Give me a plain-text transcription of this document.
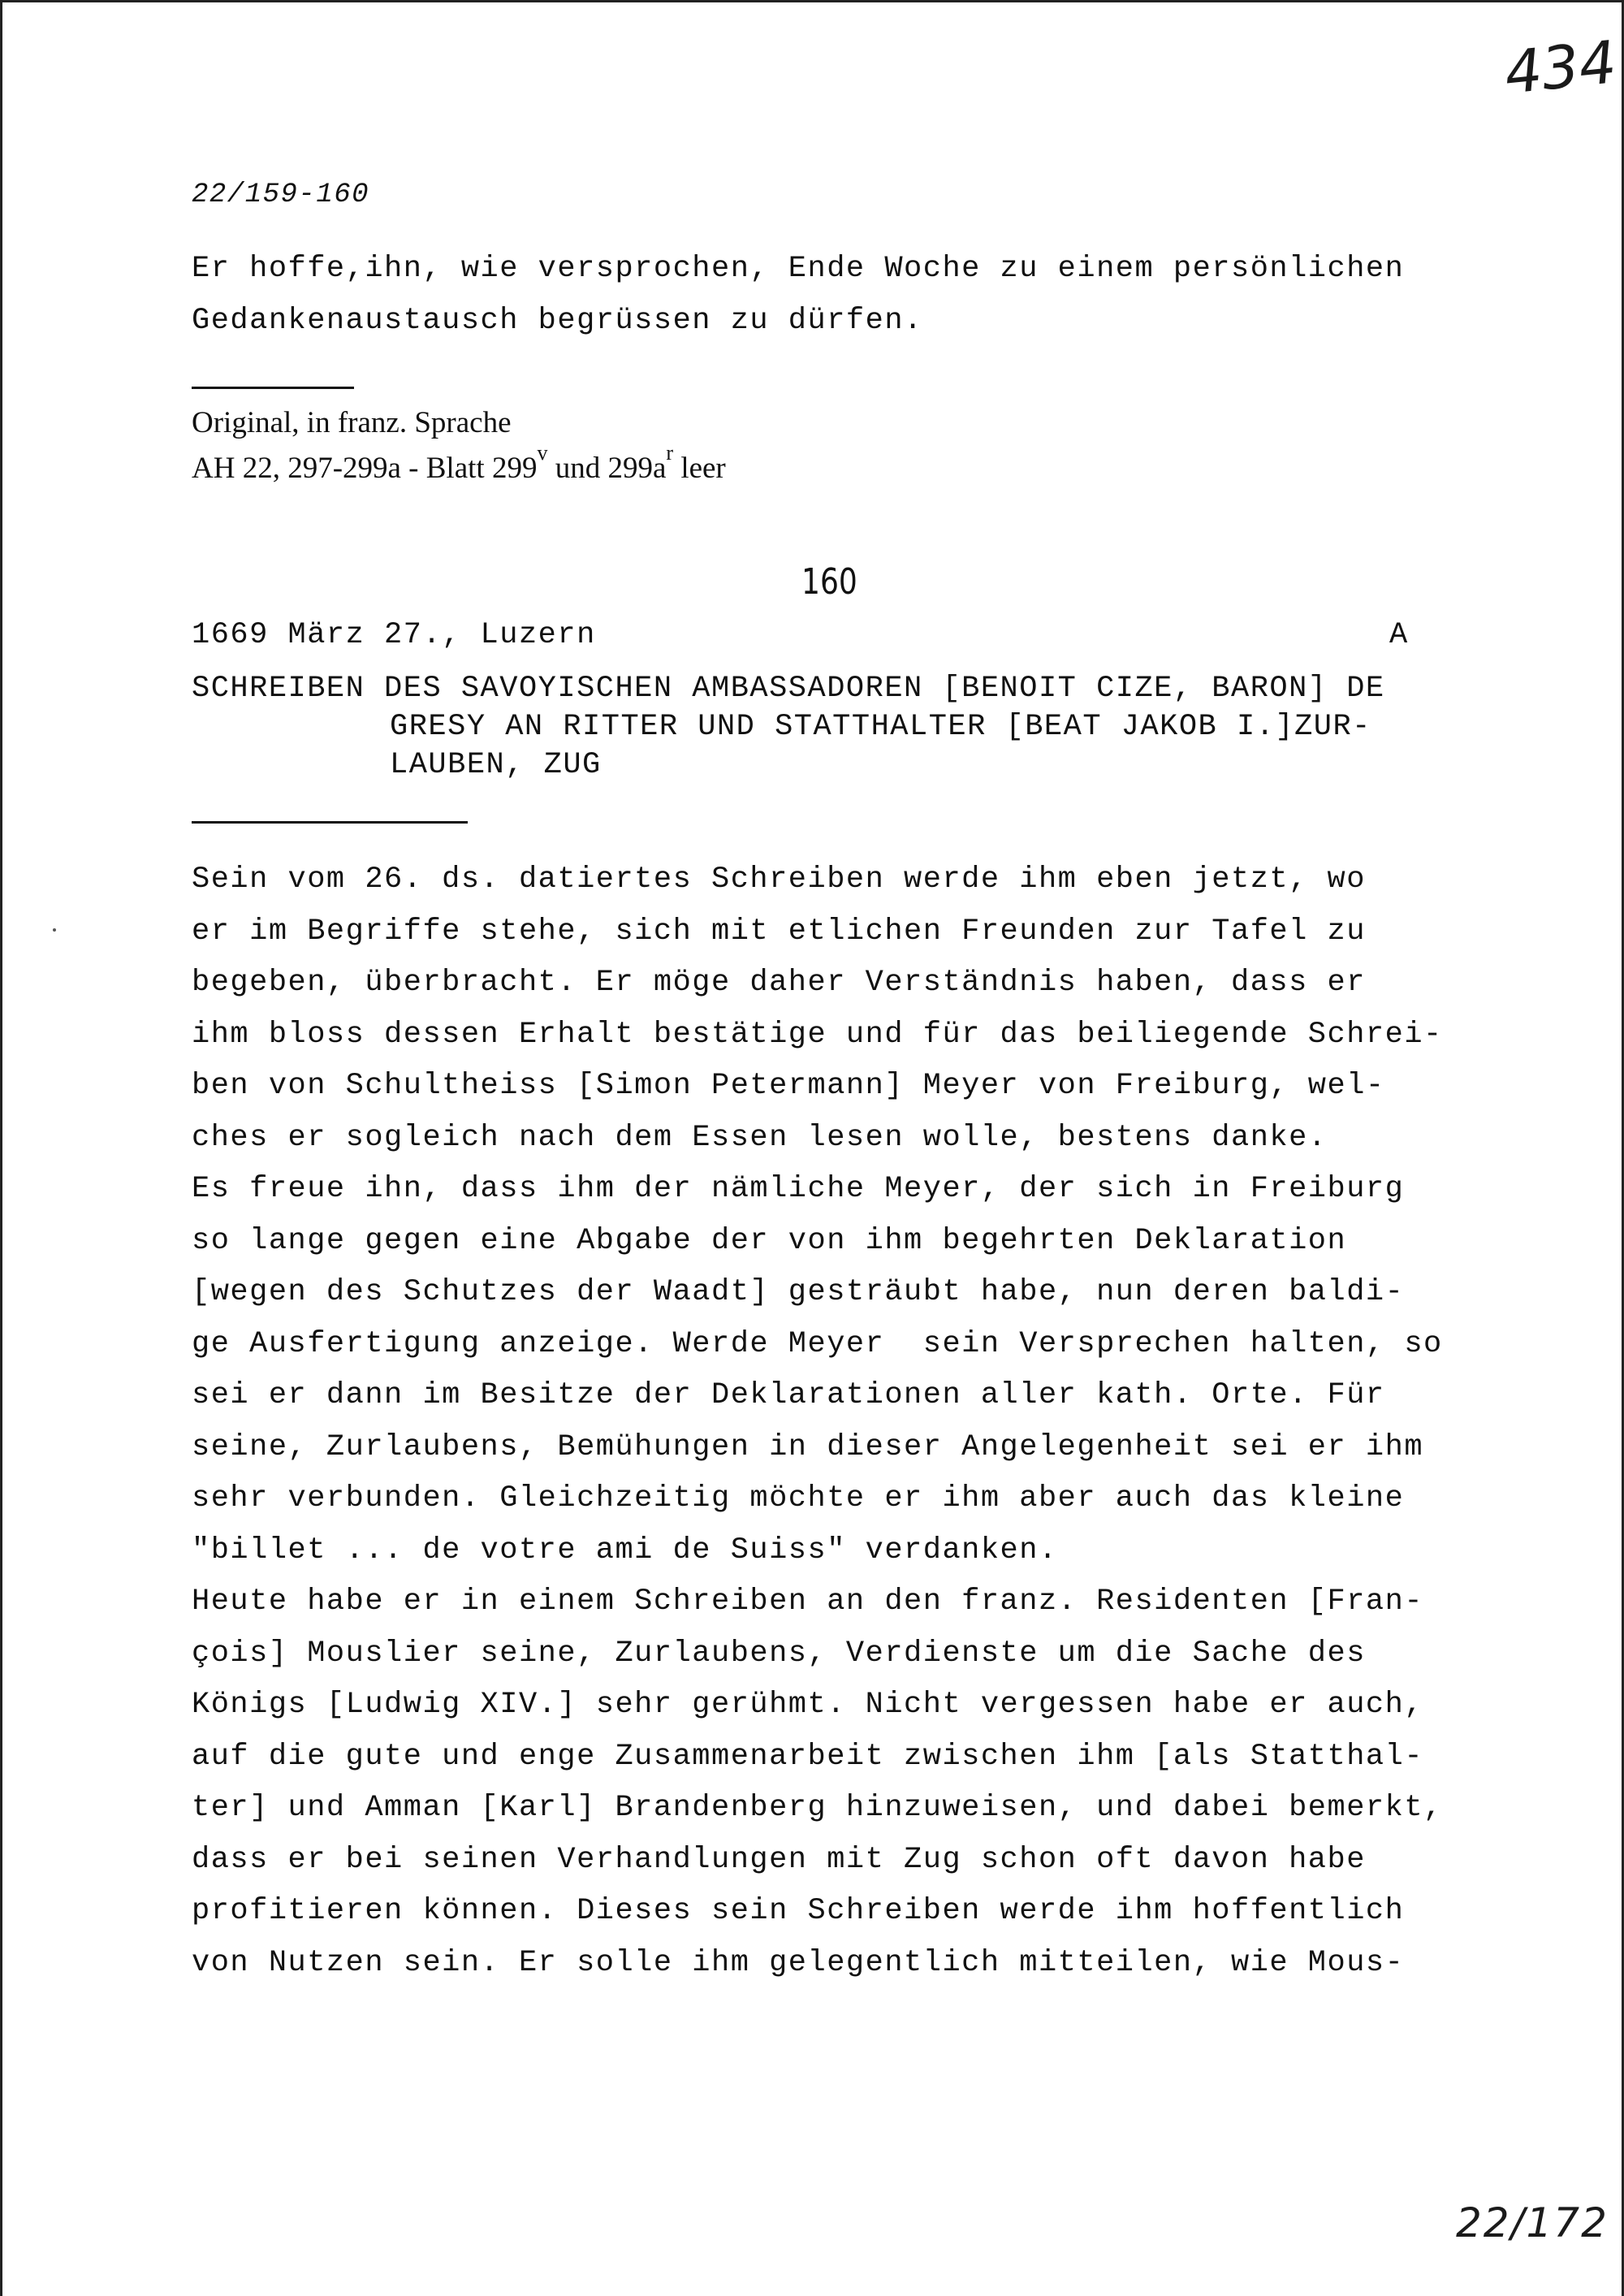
434
22/159-160
Er hoffe,ihn, wie versprochen, Ende Woche zu einem persönlichen
Gedankenaustausch begrüssen zu dürfen.
Original, in franz. Sprache
AH 22, 297-299a - Blatt 299$^v$ und $299a^r$ leer
160
1669 März 27., Luzern	A
SCHREIBEN DES SAVOYISCHEN AMBASSADOREN [BENOIT CIZE, BARON] DE
GRESY AN RITTER UND STATTHALTER [BEAT JAKOB I.]ZUR-
LAUBEN, ZUG
Sein vom 26. ds. datiertes Schreiben werde ihm eben jetzt, wo
er im Begriffe stehe, sich mit etlichen Freunden zur Tafel zu
begeben, überbracht. Er möge daher Verständnis haben, dass er
ihm bloss dessen Erhalt bestätige und für das beiliegende Schrei-
ben von Schultheiss [Simon Petermann] Meyer von Freiburg, wel-
ches er sogleich nach dem Essen lesen wolle, bestens danke.
Es freue ihn, dass ihm der nämliche Meyer, der sich in Freiburg
so lange gegen eine Abgabe der von ihm begehrten Deklaration
[wegen des Schutzes der Waadt] gesträubt habe, nun deren baldi-
ge Ausfertigung anzeige. Werde Meyer  sein Versprechen halten, so
sei er dann im Besitze der Deklarationen aller kath. Orte. Für
seine, Zurlaubens, Bemühungen in dieser Angelegenheit sei er ihm
sehr verbunden. Gleichzeitig möchte er ihm aber auch das kleine
"billet ... de votre ami de Suiss" verdanken.
Heute habe er in einem Schreiben an den franz. Residenten [Fran-
çois] Mouslier seine, Zurlaubens, Verdienste um die Sache des
Königs [Ludwig XIV.] sehr gerühmt. Nicht vergessen habe er auch,
auf die gute und enge Zusammenarbeit zwischen ihm [als Statthal-
ter] und Amman [Karl] Brandenberg hinzuweisen, und dabei bemerkt,
dass er bei seinen Verhandlungen mit Zug schon oft davon habe
profitieren können. Dieses sein Schreiben werde ihm hoffentlich
von Nutzen sein. Er solle ihm gelegentlich mitteilen, wie Mous-
22/172
